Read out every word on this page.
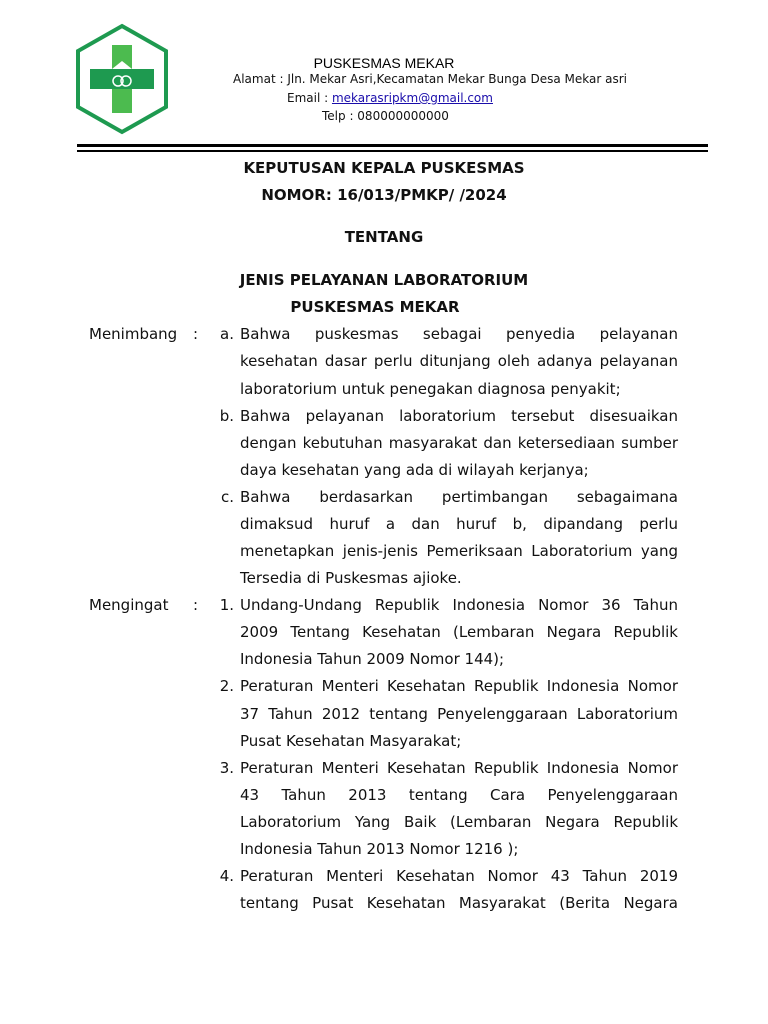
PUSKESMAS MEKAR
Alamat : Jln. Mekar Asri,Kecamatan Mekar Bunga Desa Mekar asri
Email : mekarasripkm@gmail.com
Telp : 080000000000
KEPUTUSAN KEPALA PUSKESMAS
NOMOR: 16/013/PMKP/ /2024
TENTANG
JENIS PELAYANAN LABORATORIUM
PUSKESMAS MEKAR
Menimbang :	a. Bahwa puskesmas sebagai penyedia pelayanan
kesehatan dasar perlu ditunjang oleh adanya pelayanan
laboratorium untuk penegakan diagnosa penyakit;
b. Bahwa pelayanan laboratorium tersebut disesuaikan
dengan kebutuhan masyarakat dan ketersediaan sumber
daya kesehatan yang ada di wilayah kerjanya;
c. Bahwa berdasarkan pertimbangan sebagaimana
dimaksud huruf a dan huruf b, dipandang perlu
menetapkan jenis-jenis Pemeriksaan Laboratorium yang
Tersedia di Puskesmas ajioke.
Mengingat :	1. Undang-Undang Republik Indonesia Nomor 36 Tahun
2009 Tentang Kesehatan (Lembaran Negara Republik
Indonesia Tahun 2009 Nomor 144);
2. Peraturan Menteri Kesehatan Republik Indonesia Nomor
37 Tahun 2012 tentang Penyelenggaraan Laboratorium
Pusat Kesehatan Masyarakat;
3. Peraturan Menteri Kesehatan Republik Indonesia Nomor
43 Tahun 2013 tentang Cara Penyelenggaraan
Laboratorium Yang Baik (Lembaran Negara Republik
Indonesia Tahun 2013 Nomor 1216 );
4. Peraturan Menteri Kesehatan Nomor 43 Tahun 2019
tentang Pusat Kesehatan Masyarakat (Berita Negara
